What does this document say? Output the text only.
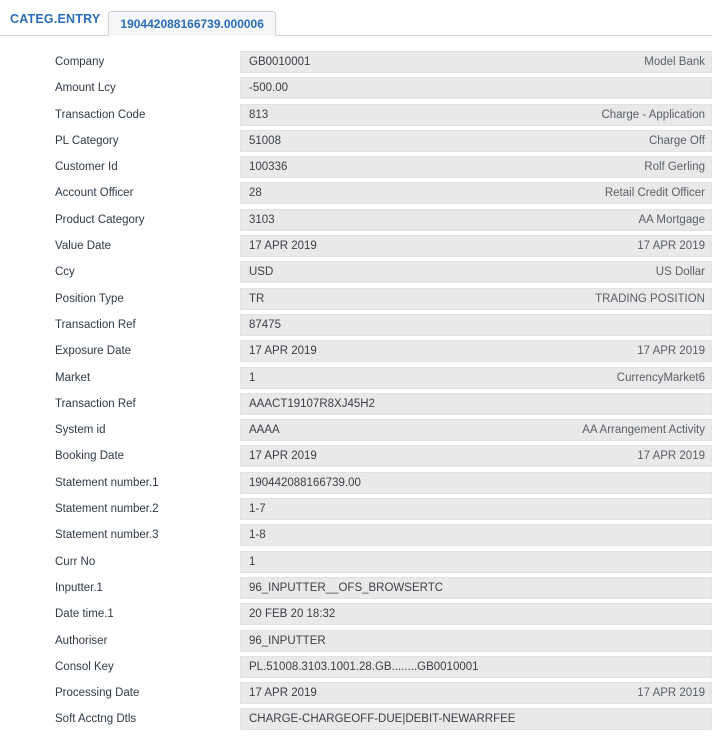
CATEG.ENTRY	190442088166739.000006
Company	GB0010001	Model Bank
Amount Lcy	-500.00
Transaction Code	813	Charge - Application
PL Category	51008	Charge Off
Customer Id	100336	Rolf Gerling
Account Officer	28	Retail Credit Officer
Product Category	3103	AA Mortgage
Value Date	17 APR 2019	17 APR 2019
Ccy	USD	US Dollar
Position Type	TR	TRADING POSITION
Transaction Ref	87475
Exposure Date	17 APR 2019	17 APR 2019
Market	1	CurrencyMarket6
Transaction Ref	AAACT19107R8XJ45H2
System id	AAAA	AA Arrangement Activity
Booking Date	17 APR 2019	17 APR 2019
Statement number.1	190442088166739.00
Statement number.2	1-7
Statement number.3	1-8
Curr No	1
Inputter.1	96_INPUTTER__OFS_BROWSERTC
Date time.1	20 FEB 20 18:32
Authoriser	96_INPUTTER
Consol Key	PL.51008.3103.1001.28.GB........GB0010001
Processing Date	17 APR 2019	17 APR 2019
Soft Acctng Dtls	CHARGE-CHARGEOFF-DUE|DEBIT-NEWARRFEE
